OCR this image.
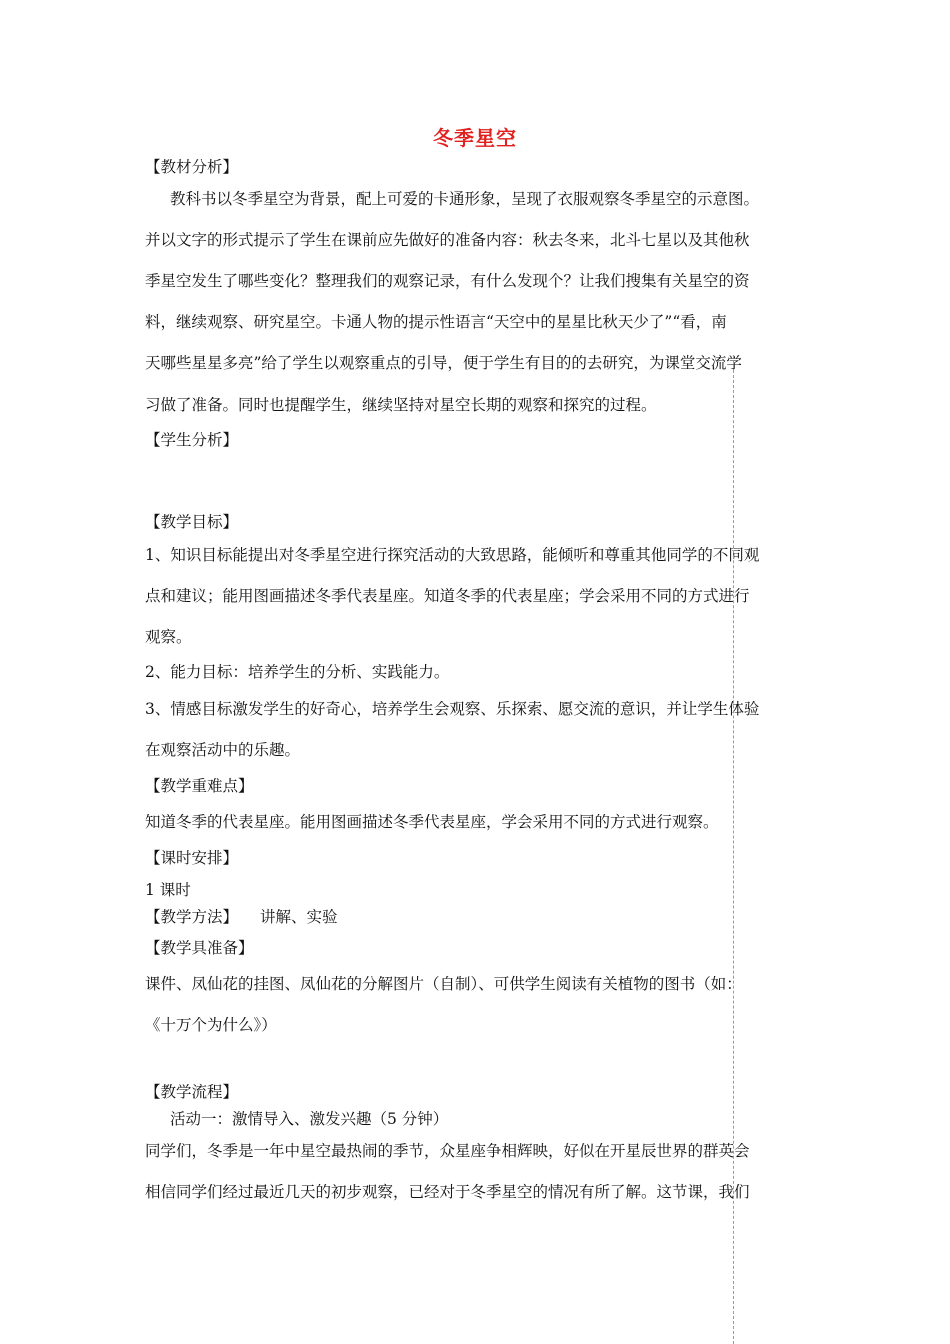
冬季星空
【教材分析】
教科书以冬季星空为背景，配上可爱的卡通形象，呈现了衣服观察冬季星空的示意图。
并以文字的形式提示了学生在课前应先做好的准备内容：秋去冬来，北斗七星以及其他秋
季星空发生了哪些变化？整理我们的观察记录，有什么发现个？让我们搜集有关星空的资
料，继续观察、研究星空。卡通人物的提示性语言“天空中的星星比秋天少了”“看，南
天哪些星星多亮”给了学生以观察重点的引导，便于学生有目的的去研究，为课堂交流学
习做了准备。同时也提醒学生，继续坚持对星空长期的观察和探究的过程。
【学生分析】
【教学目标】
1、知识目标能提出对冬季星空进行探究活动的大致思路，能倾听和尊重其他同学的不同观
点和建议；能用图画描述冬季代表星座。知道冬季的代表星座；学会采用不同的方式进行
观察。
2、能力目标：培养学生的分析、实践能力。
3、情感目标激发学生的好奇心，培养学生会观察、乐探索、愿交流的意识，并让学生体验
在观察活动中的乐趣。
【教学重难点】
知道冬季的代表星座。能用图画描述冬季代表星座，学会采用不同的方式进行观察。
【课时安排】
1 课时
【教学方法】 讲解、实验
【教学具准备】
课件、凤仙花的挂图、凤仙花的分解图片（自制）、可供学生阅读有关植物的图书（如：
《十万个为什么》）
【教学流程】
活动一：激情导入、激发兴趣（5 分钟）
同学们，冬季是一年中星空最热闹的季节，众星座争相辉映，好似在开星辰世界的群英会
相信同学们经过最近几天的初步观察，已经对于冬季星空的情况有所了解。这节课，我们
